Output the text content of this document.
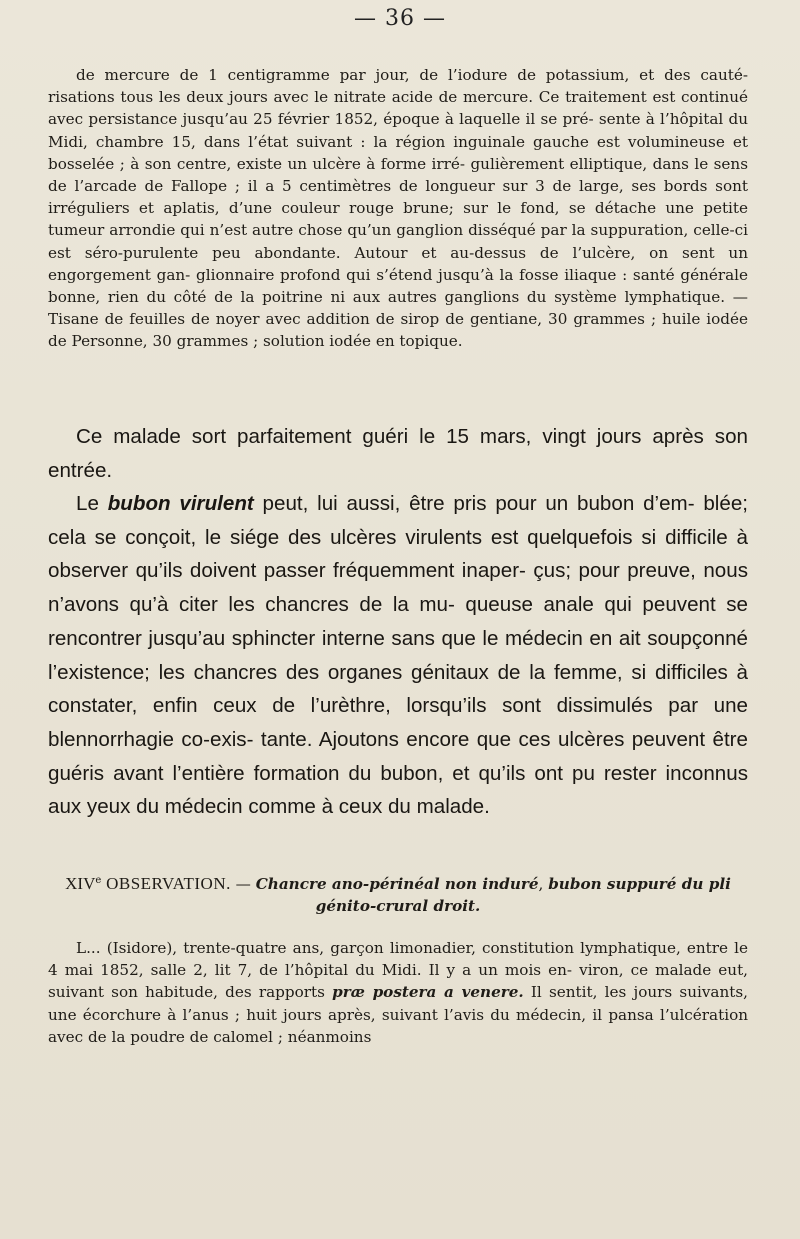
— 36 —

de mercure de 1 centigramme par jour, de l’iodure de potassium, et des cauté- risations tous les deux jours avec le nitrate acide de mercure. Ce traitement est continué avec persistance jusqu’au 25 février 1852, époque à laquelle il se pré- sente à l’hôpital du Midi, chambre 15, dans l’état suivant : la région inguinale gauche est volumineuse et bosselée ; à son centre, existe un ulcère à forme irré- gulièrement elliptique, dans le sens de l’arcade de Fallope ; il a 5 centimètres de longueur sur 3 de large, ses bords sont irréguliers et aplatis, d’une couleur rouge brune; sur le fond, se détache une petite tumeur arrondie qui n’est autre chose qu’un ganglion disséqué par la suppuration, celle-ci est séro-purulente peu abondante. Autour et au-dessus de l’ulcère, on sent un engorgement gan- glionnaire profond qui s’étend jusqu’à la fosse iliaque : santé générale bonne, rien du côté de la poitrine ni aux autres ganglions du système lymphatique. — Tisane de feuilles de noyer avec addition de sirop de gentiane, 30 grammes ; huile iodée de Personne, 30 grammes ; solution iodée en topique.

Ce malade sort parfaitement guéri le 15 mars, vingt jours après son entrée.

Le bubon virulent peut, lui aussi, être pris pour un bubon d’em- blée; cela se conçoit, le siége des ulcères virulents est quelquefois si difficile à observer qu’ils doivent passer fréquemment inaper- çus; pour preuve, nous n’avons qu’à citer les chancres de la mu- queuse anale qui peuvent se rencontrer jusqu’au sphincter interne sans que le médecin en ait soupçonné l’existence; les chancres des organes génitaux de la femme, si difficiles à constater, enfin ceux de l’urèthre, lorsqu’ils sont dissimulés par une blennorrhagie co-exis- tante. Ajoutons encore que ces ulcères peuvent être guéris avant l’entière formation du bubon, et qu’ils ont pu rester inconnus aux yeux du médecin comme à ceux du malade.

XIVe OBSERVATION. — Chancre ano-périnéal non induré, bubon suppuré du pli génito-crural droit.

L... (Isidore), trente-quatre ans, garçon limonadier, constitution lymphatique, entre le 4 mai 1852, salle 2, lit 7, de l’hôpital du Midi. Il y a un mois en- viron, ce malade eut, suivant son habitude, des rapports præ postera a venere. Il sentit, les jours suivants, une écorchure à l’anus ; huit jours après, suivant l’avis du médecin, il pansa l’ulcération avec de la poudre de calomel ; néanmoins
